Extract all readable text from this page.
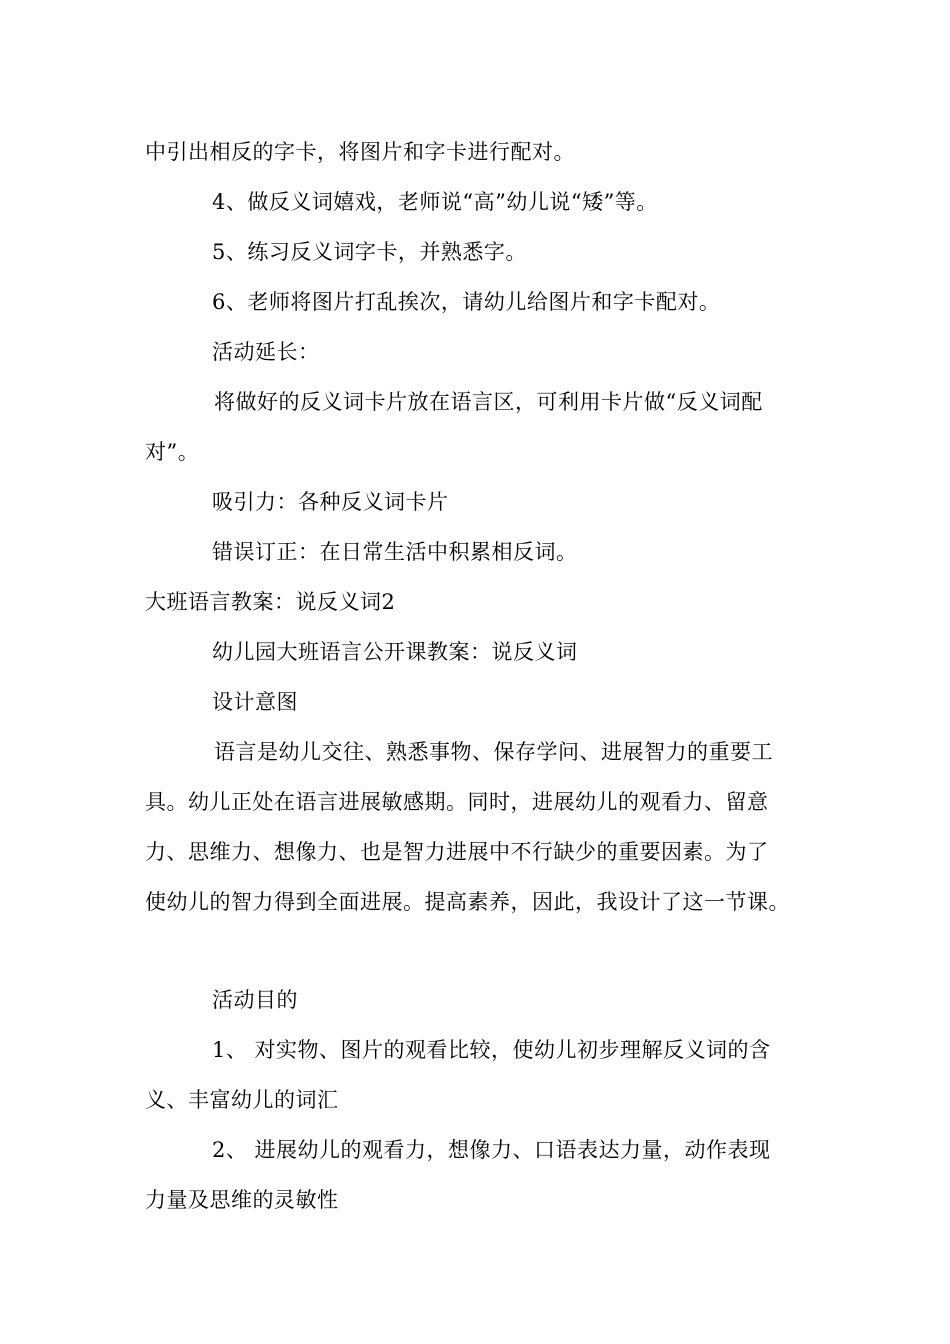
中引出相反的字卡，将图片和字卡进行配对。
4、做反义词嬉戏，老师说“高”幼儿说“矮”等。
5、练习反义词字卡，并熟悉字。
6、老师将图片打乱挨次，请幼儿给图片和字卡配对。
活动延长：
将做好的反义词卡片放在语言区，可利用卡片做“反义词配
对”。
吸引力：各种反义词卡片
错误订正：在日常生活中积累相反词。
大班语言教案：说反义词2
幼儿园大班语言公开课教案：说反义词
设计意图
语言是幼儿交往、熟悉事物、保存学问、进展智力的重要工
具。幼儿正处在语言进展敏感期。同时，进展幼儿的观看力、留意
力、思维力、想像力、也是智力进展中不行缺少的重要因素。为了
使幼儿的智力得到全面进展。提高素养，因此，我设计了这一节课。
活动目的
1、 对实物、图片的观看比较，使幼儿初步理解反义词的含
义、丰富幼儿的词汇
2、 进展幼儿的观看力，想像力、口语表达力量，动作表现
力量及思维的灵敏性
